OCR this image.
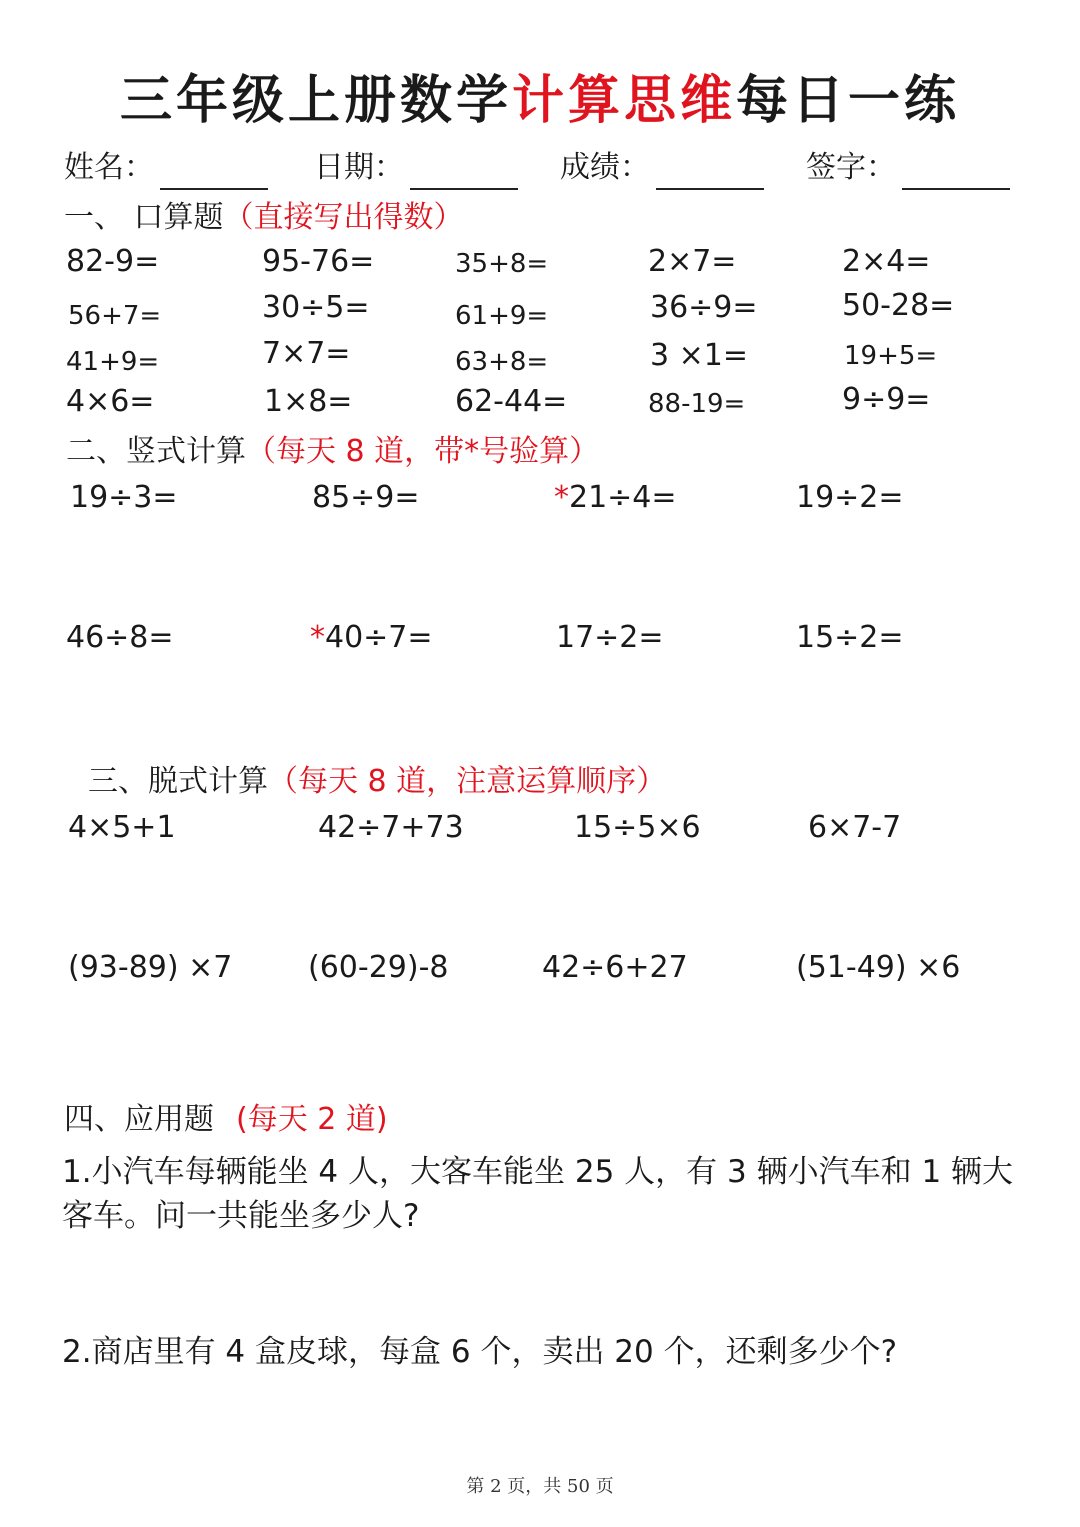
三年级上册数学计算思维每日一练
姓名：	日期：	成绩：	签字：
一、 口算题（直接写出得数）
82-9=	95-76=	35+8=	2×7=	2×4=
56+7=	30÷5=	61+9=	36÷9=	50-28=
41+9=	7×7=	63+8=	3 ×1=	19+5=
4×6=	1×8=	62-44=	88-19=	9÷9=
二、竖式计算（每天 8 道，带*号验算）
19÷3=	85÷9=	*21÷4=	19÷2=
46÷8=	*40÷7=	17÷2=	15÷2=
三、脱式计算（每天 8 道，注意运算顺序）
4×5+1	42÷7+73	15÷5×6	6×7-7
(93-89) ×7	(60-29)-8	42÷6+27	(51-49) ×6
四、应用题 (每天 2 道)
1.小汽车每辆能坐 4 人，大客车能坐 25 人，有 3 辆小汽车和 1 辆大客车。问一共能坐多少人?
2.商店里有 4 盒皮球，每盒 6 个，卖出 20 个，还剩多少个?
第 2 页，共 50 页
